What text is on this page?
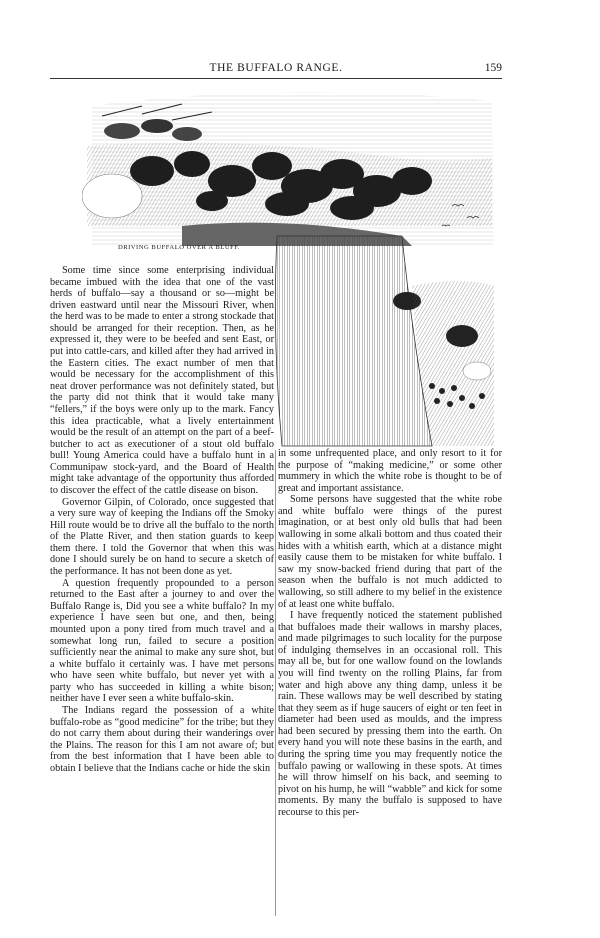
THE BUFFALO RANGE.	159
DRIVING BUFFALO OVER A BLUFF.

Some time since some enterprising individual became imbued with the idea that one of the vast herds of buffalo—say a thousand or so—might be driven eastward until near the Missouri River, when the herd was to be made to enter a strong stockade that should be arranged for their reception. Then, as he expressed it, they were to be beefed and sent East, or put into cattle-cars, and killed after they had arrived in the Eastern cities. The exact number of men that would be necessary for the accomplishment of this neat drover performance was not definitely stated, but the party did not think that it would take many “fellers,” if the boys were only up to the mark. Fancy this idea practicable, what a lively entertainment would be the result of an attempt on the part of a beef-butcher to act as executioner of a stout old buffalo bull! Young America could have a buffalo hunt in a Communipaw stock-yard, and the Board of Health might take advantage of the opportunity thus afforded to discover the effect of the cattle disease on bison.

Governor Gilpin, of Colorado, once suggested that a very sure way of keeping the Indians off the Smoky Hill route would be to drive all the buffalo to the north of the Platte River, and then station guards to keep them there. I told the Governor that when this was done I should surely be on hand to secure a sketch of the performance. It has not been done as yet.

A question frequently propounded to a person returned to the East after a journey to and over the Buffalo Range is, Did you see a white buffalo? In my experience I have seen but one, and then, being mounted upon a pony tired from much travel and a somewhat long run, failed to secure a position sufficiently near the animal to make any sure shot, but a white buffalo it certainly was. I have met persons who have seen white buffalo, but never yet with a party who has succeeded in killing a white bison; neither have I ever seen a white buffalo-skin.

The Indians regard the possession of a white buffalo-robe as “good medicine” for the tribe; but they do not carry them about during their wanderings over the Plains. The reason for this I am not aware of; but from the best information that I have been able to obtain I believe that the Indians cache or hide the skin

in some unfrequented place, and only resort to it for the purpose of “making medicine,” or some other mummery in which the white robe is thought to be of great and important assistance.

Some persons have suggested that the white robe and white buffalo were things of the purest imagination, or at best only old bulls that had been wallowing in some alkali bottom and thus coated their hides with a whitish earth, which at a distance might easily cause them to be mistaken for white buffalo. I saw my snow-backed friend during that part of the season when the buffalo is not much addicted to wallowing, so still adhere to my belief in the existence of at least one white buffalo.

I have frequently noticed the statement published that buffaloes made their wallows in marshy places, and made pilgrimages to such locality for the purpose of indulging themselves in an occasional roll. This may all be, but for one wallow found on the lowlands you will find twenty on the rolling Plains, far from water and high above any thing damp, unless it be rain. These wallows may be well described by stating that they seem as if huge saucers of eight or ten feet in diameter had been used as moulds, and the impress had been secured by pressing them into the earth. On every hand you will note these basins in the earth, and during the spring time you may frequently notice the buffalo pawing or wallowing in these spots. At times he will throw himself on his back, and seeming to pivot on his hump, he will “wabble” and kick for some moments. By many the buffalo is supposed to have recourse to this per-
